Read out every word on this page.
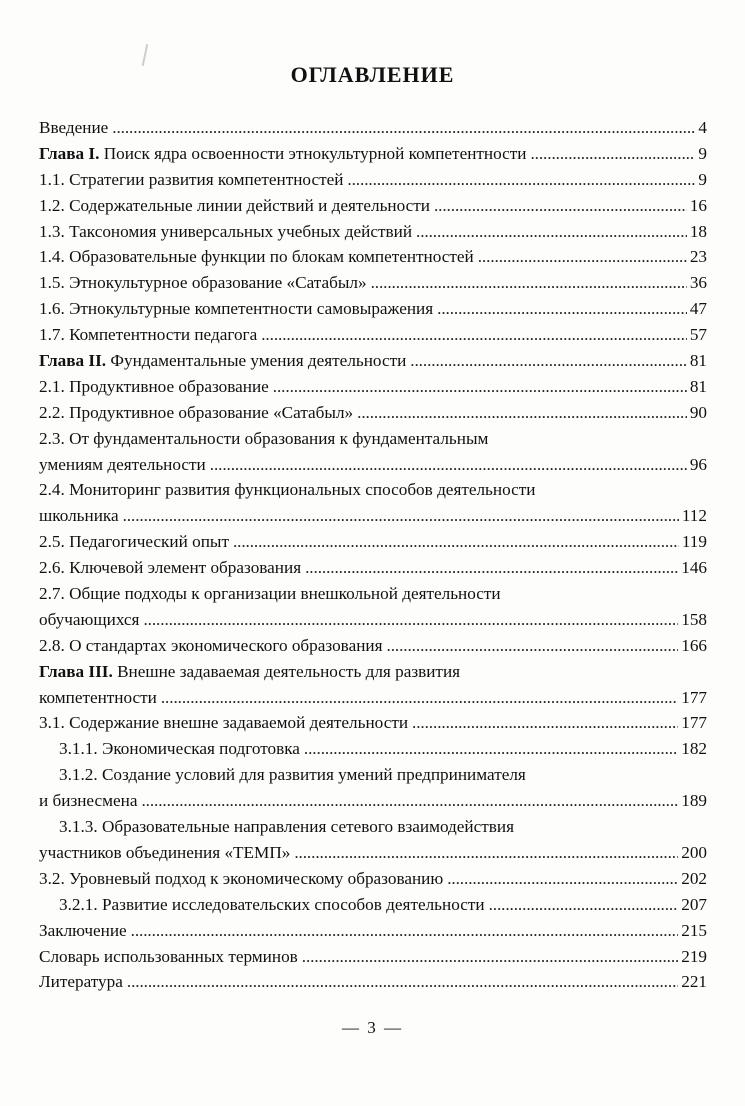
ОГЛАВЛЕНИЕ
Введение . . .	4
Глава I. Поиск ядра освоенности этнокультурной компетентности . . .	9
1.1. Стратегии развития компетентностей . . .	9
1.2. Содержательные линии действий и деятельности . . .	16
1.3. Таксономия универсальных учебных действий . . .	18
1.4. Образовательные функции по блокам компетентностей . . .	23
1.5. Этнокультурное образование «Сатабыл» . . .	36
1.6. Этнокультурные компетентности самовыражения . . .	47
1.7. Компетентности педагога . . .	57
Глава II. Фундаментальные умения деятельности . . .	81
2.1. Продуктивное образование . . .	81
2.2. Продуктивное образование «Сатабыл» . . .	90
2.3. От фундаментальности образования к фундаментальным
умениям деятельности . . .	96
2.4. Мониторинг развития функциональных способов деятельности
школьника . . .	112
2.5. Педагогический опыт . . .	119
2.6. Ключевой элемент образования . . .	146
2.7. Общие подходы к организации внешкольной деятельности
обучающихся . . .	158
2.8. О стандартах экономического образования . . .	166
Глава III. Внешне задаваемая деятельность для развития
компетентности . . .	177
3.1. Содержание внешне задаваемой деятельности . . .	177
3.1.1. Экономическая подготовка . . .	182
3.1.2. Создание условий для развития умений предпринимателя
и бизнесмена . . .	189
3.1.3. Образовательные направления сетевого взаимодействия
участников объединения «ТЕМП» . . .	200
3.2. Уровневый подход к экономическому образованию . . .	202
3.2.1. Развитие исследовательских способов деятельности . . .	207
Заключение . . .	215
Словарь использованных терминов . . .	219
Литература . . .	221
— 3 —
